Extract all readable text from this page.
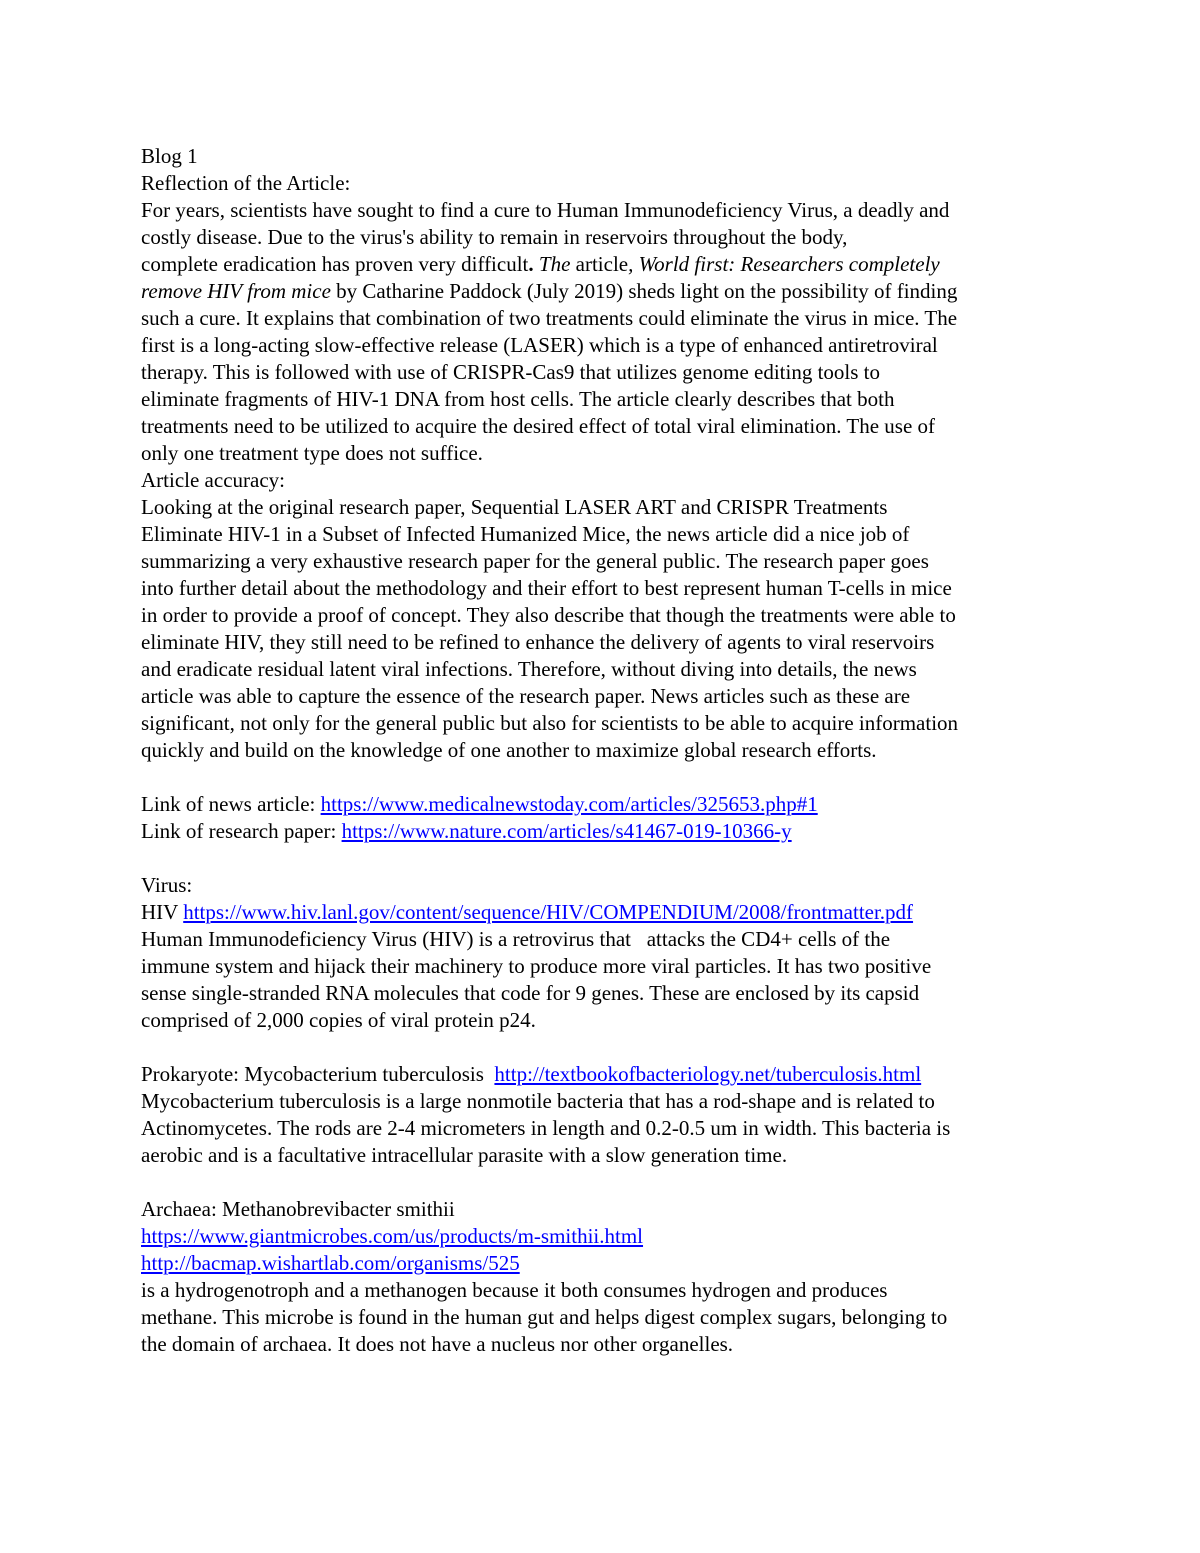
Blog 1
Reflection of the Article:
For years, scientists have sought to find a cure to Human Immunodeficiency Virus, a deadly and
costly disease. Due to the virus's ability to remain in reservoirs throughout the body,
complete eradication has proven very difficult. The article, World first: Researchers completely
remove HIV from mice by Catharine Paddock (July 2019) sheds light on the possibility of finding
such a cure. It explains that combination of two treatments could eliminate the virus in mice. The
first is a long-acting slow-effective release (LASER) which is a type of enhanced antiretroviral
therapy. This is followed with use of CRISPR-Cas9 that utilizes genome editing tools to
eliminate fragments of HIV-1 DNA from host cells. The article clearly describes that both
treatments need to be utilized to acquire the desired effect of total viral elimination. The use of
only one treatment type does not suffice.
Article accuracy:
Looking at the original research paper, Sequential LASER ART and CRISPR Treatments
Eliminate HIV-1 in a Subset of Infected Humanized Mice, the news article did a nice job of
summarizing a very exhaustive research paper for the general public. The research paper goes
into further detail about the methodology and their effort to best represent human T-cells in mice
in order to provide a proof of concept. They also describe that though the treatments were able to
eliminate HIV, they still need to be refined to enhance the delivery of agents to viral reservoirs
and eradicate residual latent viral infections. Therefore, without diving into details, the news
article was able to capture the essence of the research paper. News articles such as these are
significant, not only for the general public but also for scientists to be able to acquire information
quickly and build on the knowledge of one another to maximize global research efforts.
Link of news article: https://www.medicalnewstoday.com/articles/325653.php#1
Link of research paper: https://www.nature.com/articles/s41467-019-10366-y
Virus:
HIV https://www.hiv.lanl.gov/content/sequence/HIV/COMPENDIUM/2008/frontmatter.pdf
Human Immunodeficiency Virus (HIV) is a retrovirus that   attacks the CD4+ cells of the
immune system and hijack their machinery to produce more viral particles. It has two positive
sense single-stranded RNA molecules that code for 9 genes. These are enclosed by its capsid
comprised of 2,000 copies of viral protein p24.
Prokaryote: Mycobacterium tuberculosis  http://textbookofbacteriology.net/tuberculosis.html
Mycobacterium tuberculosis is a large nonmotile bacteria that has a rod-shape and is related to
Actinomycetes. The rods are 2-4 micrometers in length and 0.2-0.5 um in width. This bacteria is
aerobic and is a facultative intracellular parasite with a slow generation time.
Archaea: Methanobrevibacter smithii
https://www.giantmicrobes.com/us/products/m-smithii.html
http://bacmap.wishartlab.com/organisms/525
is a hydrogenotroph and a methanogen because it both consumes hydrogen and produces
methane. This microbe is found in the human gut and helps digest complex sugars, belonging to
the domain of archaea. It does not have a nucleus nor other organelles.
